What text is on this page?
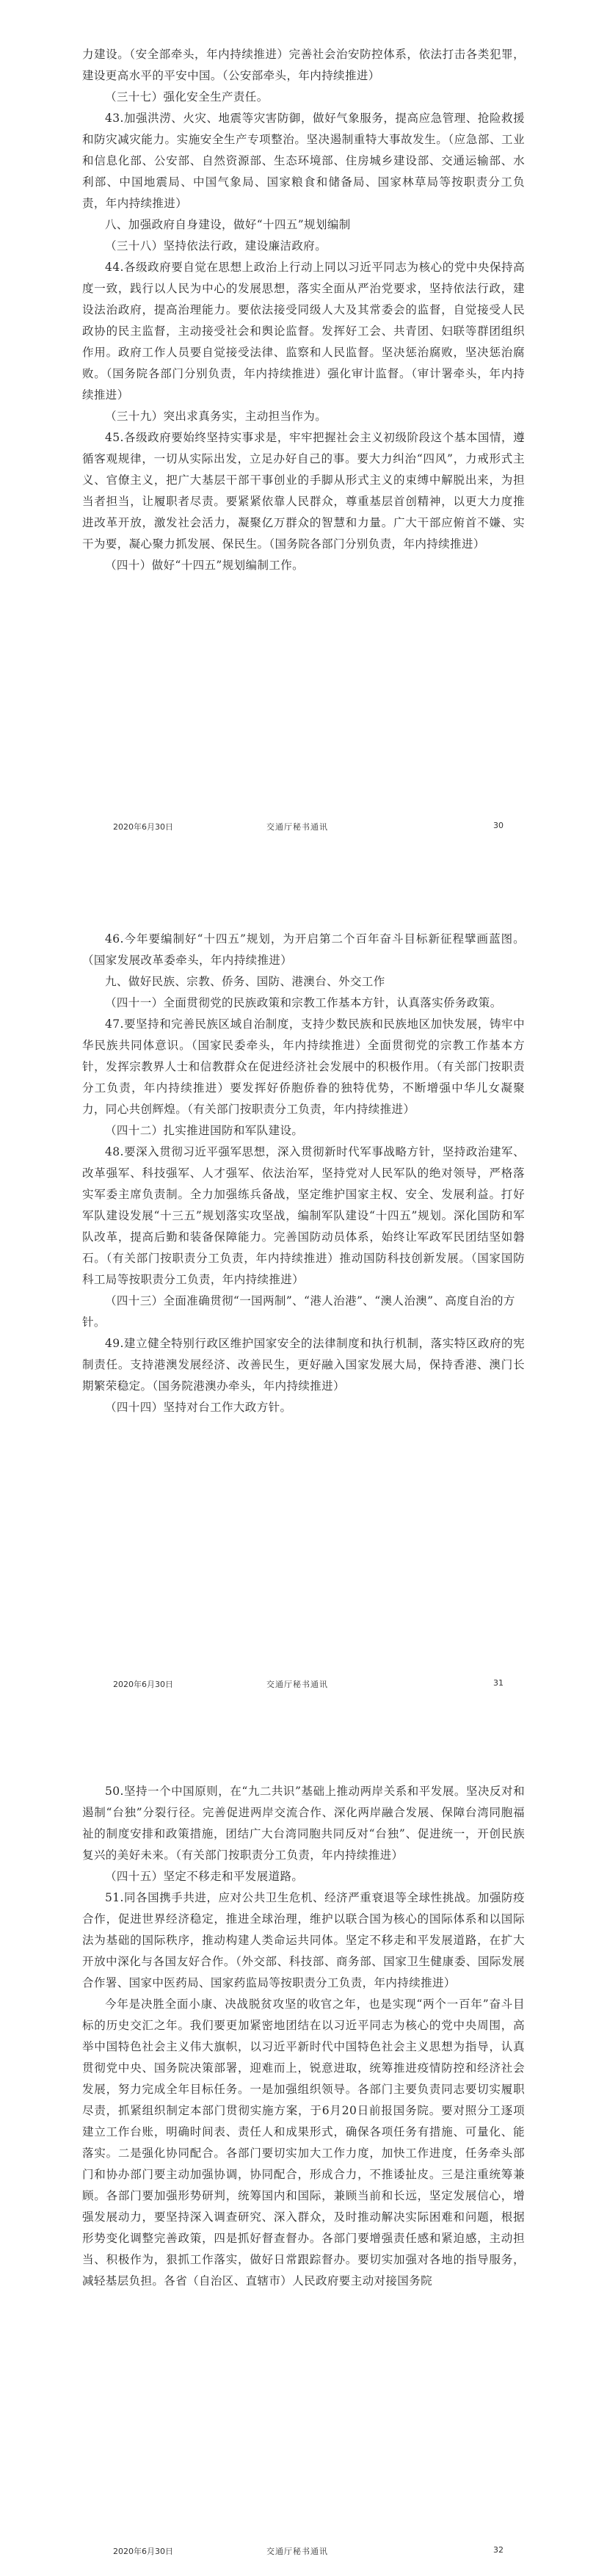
力建设。（安全部牵头，年内持续推进）完善社会治安防控体系，依法打击各类犯罪，建设更高水平的平安中国。（公安部牵头，年内持续推进）

（三十七）强化安全生产责任。

43.加强洪涝、火灾、地震等灾害防御，做好气象服务，提高应急管理、抢险救援和防灾减灾能力。实施安全生产专项整治。坚决遏制重特大事故发生。（应急部、工业和信息化部、公安部、自然资源部、生态环境部、住房城乡建设部、交通运输部、水利部、中国地震局、中国气象局、国家粮食和储备局、国家林草局等按职责分工负责，年内持续推进）

八、加强政府自身建设，做好“十四五”规划编制

（三十八）坚持依法行政，建设廉洁政府。

44.各级政府要自觉在思想上政治上行动上同以习近平同志为核心的党中央保持高度一致，践行以人民为中心的发展思想，落实全面从严治党要求，坚持依法行政，建设法治政府，提高治理能力。要依法接受同级人大及其常委会的监督，自觉接受人民政协的民主监督，主动接受社会和舆论监督。发挥好工会、共青团、妇联等群团组织作用。政府工作人员要自觉接受法律、监察和人民监督。坚决惩治腐败，坚决惩治腐败。（国务院各部门分别负责，年内持续推进）强化审计监督。（审计署牵头，年内持续推进）

（三十九）突出求真务实，主动担当作为。

45.各级政府要始终坚持实事求是，牢牢把握社会主义初级阶段这个基本国情，遵循客观规律，一切从实际出发，立足办好自己的事。要大力纠治“四风”，力戒形式主义、官僚主义，把广大基层干部干事创业的手脚从形式主义的束缚中解脱出来，为担当者担当，让履职者尽责。要紧紧依靠人民群众，尊重基层首创精神，以更大力度推进改革开放，激发社会活力，凝聚亿万群众的智慧和力量。广大干部应俯首不嫌、实干为要，凝心聚力抓发展、保民生。（国务院各部门分别负责，年内持续推进）

（四十）做好“十四五”规划编制工作。

2020年6月30日	交通厅秘书通讯	30

46.今年要编制好“十四五”规划，为开启第二个百年奋斗目标新征程擘画蓝图。（国家发展改革委牵头，年内持续推进）

九、做好民族、宗教、侨务、国防、港澳台、外交工作

（四十一）全面贯彻党的民族政策和宗教工作基本方针，认真落实侨务政策。

47.要坚持和完善民族区域自治制度，支持少数民族和民族地区加快发展，铸牢中华民族共同体意识。（国家民委牵头，年内持续推进）全面贯彻党的宗教工作基本方针，发挥宗教界人士和信教群众在促进经济社会发展中的积极作用。（有关部门按职责分工负责，年内持续推进）要发挥好侨胞侨眷的独特优势，不断增强中华儿女凝聚力，同心共创辉煌。（有关部门按职责分工负责，年内持续推进）

（四十二）扎实推进国防和军队建设。

48.要深入贯彻习近平强军思想，深入贯彻新时代军事战略方针，坚持政治建军、改革强军、科技强军、人才强军、依法治军，坚持党对人民军队的绝对领导，严格落实军委主席负责制。全力加强练兵备战，坚定维护国家主权、安全、发展利益。打好军队建设发展“十三五”规划落实攻坚战，编制军队建设“十四五”规划。深化国防和军队改革，提高后勤和装备保障能力。完善国防动员体系，始终让军政军民团结坚如磐石。（有关部门按职责分工负责，年内持续推进）推动国防科技创新发展。（国家国防科工局等按职责分工负责，年内持续推进）

（四十三）全面准确贯彻“一国两制”、“港人治港”、“澳人治澳”、高度自治的方针。

49.建立健全特别行政区维护国家安全的法律制度和执行机制，落实特区政府的宪制责任。支持港澳发展经济、改善民生，更好融入国家发展大局，保持香港、澳门长期繁荣稳定。（国务院港澳办牵头，年内持续推进）

（四十四）坚持对台工作大政方针。

2020年6月30日	交通厅秘书通讯	31

50.坚持一个中国原则，在“九二共识”基础上推动两岸关系和平发展。坚决反对和遏制“台独”分裂行径。完善促进两岸交流合作、深化两岸融合发展、保障台湾同胞福祉的制度安排和政策措施，团结广大台湾同胞共同反对“台独”、促进统一，开创民族复兴的美好未来。（有关部门按职责分工负责，年内持续推进）

（四十五）坚定不移走和平发展道路。

51.同各国携手共进，应对公共卫生危机、经济严重衰退等全球性挑战。加强防疫合作，促进世界经济稳定，推进全球治理，维护以联合国为核心的国际体系和以国际法为基础的国际秩序，推动构建人类命运共同体。坚定不移走和平发展道路，在扩大开放中深化与各国友好合作。（外交部、科技部、商务部、国家卫生健康委、国际发展合作署、国家中医药局、国家药监局等按职责分工负责，年内持续推进）

今年是决胜全面小康、决战脱贫攻坚的收官之年，也是实现“两个一百年”奋斗目标的历史交汇之年。我们要更加紧密地团结在以习近平同志为核心的党中央周围，高举中国特色社会主义伟大旗帜，以习近平新时代中国特色社会主义思想为指导，认真贯彻党中央、国务院决策部署，迎难而上，锐意进取，统筹推进疫情防控和经济社会发展，努力完成全年目标任务。一是加强组织领导。各部门主要负责同志要切实履职尽责，抓紧组织制定本部门贯彻实施方案，于6月20日前报国务院。要对照分工逐项建立工作台账，明确时间表、责任人和成果形式，确保各项任务有措施、可量化、能落实。二是强化协同配合。各部门要切实加大工作力度，加快工作进度，任务牵头部门和协办部门要主动加强协调，协同配合，形成合力，不推诿扯皮。三是注重统筹兼顾。各部门要加强形势研判，统筹国内和国际，兼顾当前和长远，坚定发展信心，增强发展动力，要坚持深入调查研究、深入群众，及时推动解决实际困难和问题，根据形势变化调整完善政策，四是抓好督查督办。各部门要增强责任感和紧迫感，主动担当、积极作为，狠抓工作落实，做好日常跟踪督办。要切实加强对各地的指导服务，减轻基层负担。各省（自治区、直辖市）人民政府要主动对接国务院

2020年6月30日	交通厅秘书通讯	32
